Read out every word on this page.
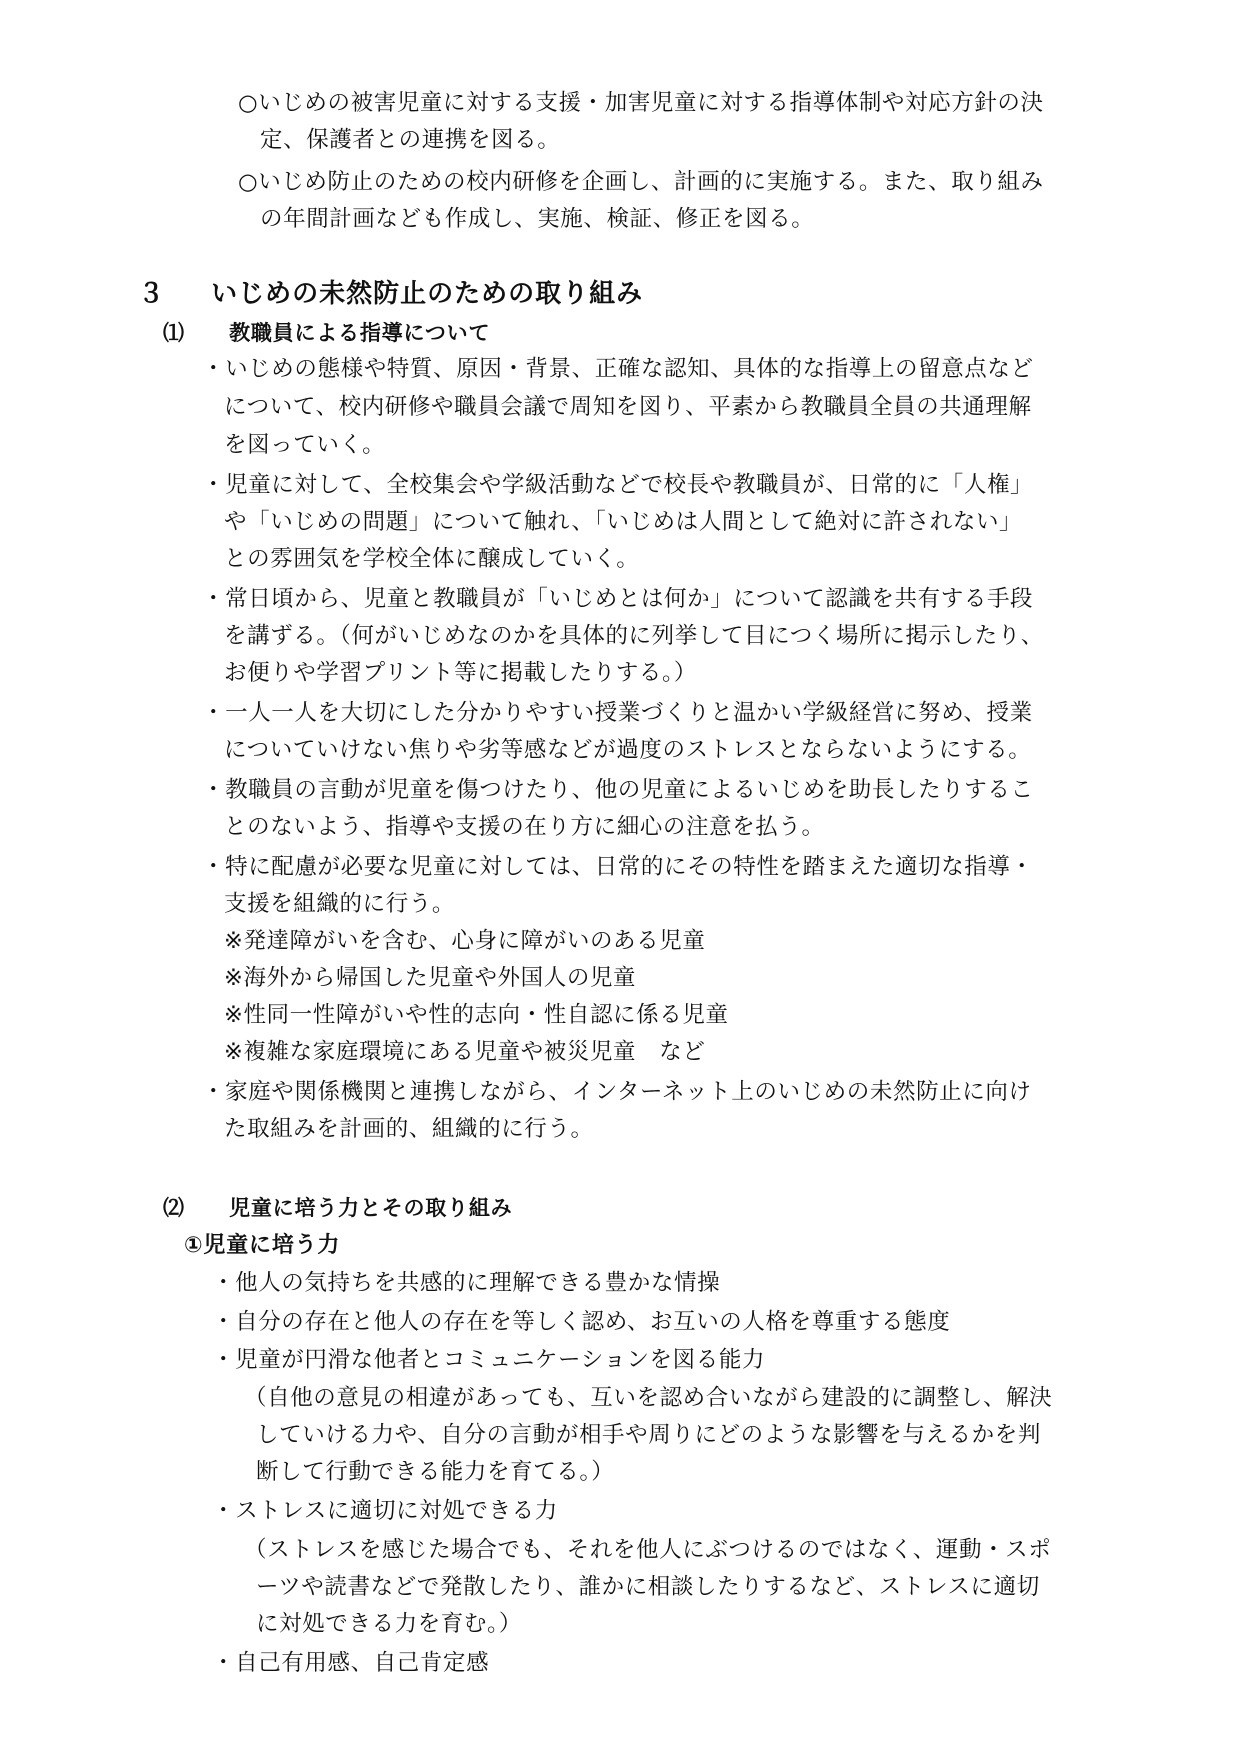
○いじめの被害児童に対する支援・加害児童に対する指導体制や対応方針の決
定、保護者との連携を図る。
○いじめ防止のための校内研修を企画し、計画的に実施する。また、取り組み
の年間計画なども作成し、実施、検証、修正を図る。
３ いじめの未然防止のための取り組み
⑴ 教職員による指導について
・いじめの態様や特質、原因・背景、正確な認知、具体的な指導上の留意点など
について、校内研修や職員会議で周知を図り、平素から教職員全員の共通理解
を図っていく。
・児童に対して、全校集会や学級活動などで校長や教職員が、日常的に「人権」
や「いじめの問題」について触れ、「いじめは人間として絶対に許されない」
との雰囲気を学校全体に醸成していく。
・常日頃から、児童と教職員が「いじめとは何か」について認識を共有する手段
を講ずる。（何がいじめなのかを具体的に列挙して目につく場所に掲示したり、
お便りや学習プリント等に掲載したりする。）
・一人一人を大切にした分かりやすい授業づくりと温かい学級経営に努め、授業
についていけない焦りや劣等感などが過度のストレスとならないようにする。
・教職員の言動が児童を傷つけたり、他の児童によるいじめを助長したりするこ
とのないよう、指導や支援の在り方に細心の注意を払う。
・特に配慮が必要な児童に対しては、日常的にその特性を踏まえた適切な指導・
支援を組織的に行う。
※発達障がいを含む、心身に障がいのある児童
※海外から帰国した児童や外国人の児童
※性同一性障がいや性的志向・性自認に係る児童
※複雑な家庭環境にある児童や被災児童　など
・家庭や関係機関と連携しながら、インターネット上のいじめの未然防止に向け
た取組みを計画的、組織的に行う。
⑵ 児童に培う力とその取り組み
①児童に培う力
・他人の気持ちを共感的に理解できる豊かな情操
・自分の存在と他人の存在を等しく認め、お互いの人格を尊重する態度
・児童が円滑な他者とコミュニケーションを図る能力
（自他の意見の相違があっても、互いを認め合いながら建設的に調整し、解決
していける力や、自分の言動が相手や周りにどのような影響を与えるかを判
断して行動できる能力を育てる。）
・ストレスに適切に対処できる力
（ストレスを感じた場合でも、それを他人にぶつけるのではなく、運動・スポ
ーツや読書などで発散したり、誰かに相談したりするなど、ストレスに適切
に対処できる力を育む。）
・自己有用感、自己肯定感
